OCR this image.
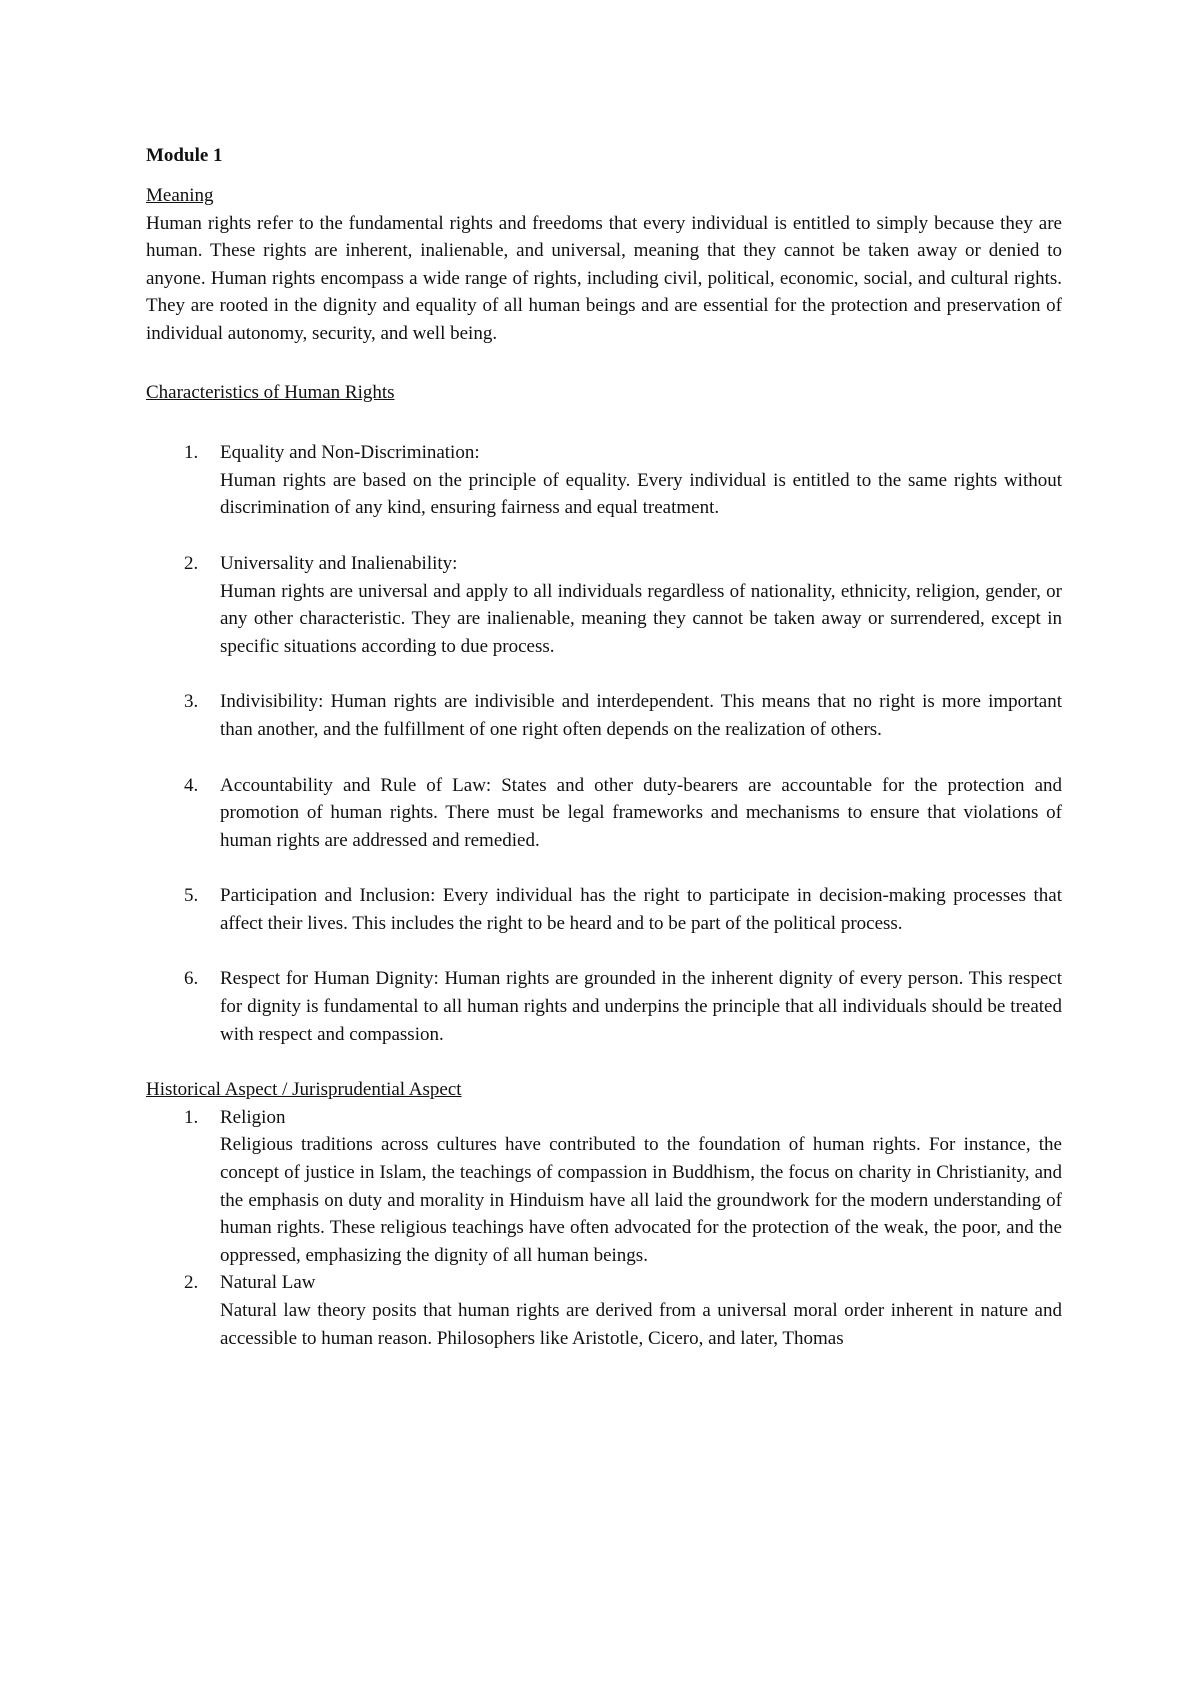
Module 1
Meaning

Human rights refer to the fundamental rights and freedoms that every individual is entitled to simply because they are human. These rights are inherent, inalienable, and universal, meaning that they cannot be taken away or denied to anyone. Human rights encompass a wide range of rights, including civil, political, economic, social, and cultural rights. They are rooted in the dignity and equality of all human beings and are essential for the protection and preservation of individual autonomy, security, and well being.

Characteristics of Human Rights
1. Equality and Non-Discrimination:

Human rights are based on the principle of equality. Every individual is entitled to the same rights without discrimination of any kind, ensuring fairness and equal treatment.

2. Universality and Inalienability:

Human rights are universal and apply to all individuals regardless of nationality, ethnicity, religion, gender, or any other characteristic. They are inalienable, meaning they cannot be taken away or surrendered, except in specific situations according to due process.

3. Indivisibility: Human rights are indivisible and interdependent. This means that no right is more important than another, and the fulfillment of one right often depends on the realization of others.

4. Accountability and Rule of Law: States and other duty-bearers are accountable for the protection and promotion of human rights. There must be legal frameworks and mechanisms to ensure that violations of human rights are addressed and remedied.

5. Participation and Inclusion: Every individual has the right to participate in decision-making processes that affect their lives. This includes the right to be heard and to be part of the political process.

6. Respect for Human Dignity: Human rights are grounded in the inherent dignity of every person. This respect for dignity is fundamental to all human rights and underpins the principle that all individuals should be treated with respect and compassion.

Historical Aspect / Jurisprudential Aspect
1. Religion

Religious traditions across cultures have contributed to the foundation of human rights. For instance, the concept of justice in Islam, the teachings of compassion in Buddhism, the focus on charity in Christianity, and the emphasis on duty and morality in Hinduism have all laid the groundwork for the modern understanding of human rights. These religious teachings have often advocated for the protection of the weak, the poor, and the oppressed, emphasizing the dignity of all human beings.

2. Natural Law

Natural law theory posits that human rights are derived from a universal moral order inherent in nature and accessible to human reason. Philosophers like Aristotle, Cicero, and later, Thomas
